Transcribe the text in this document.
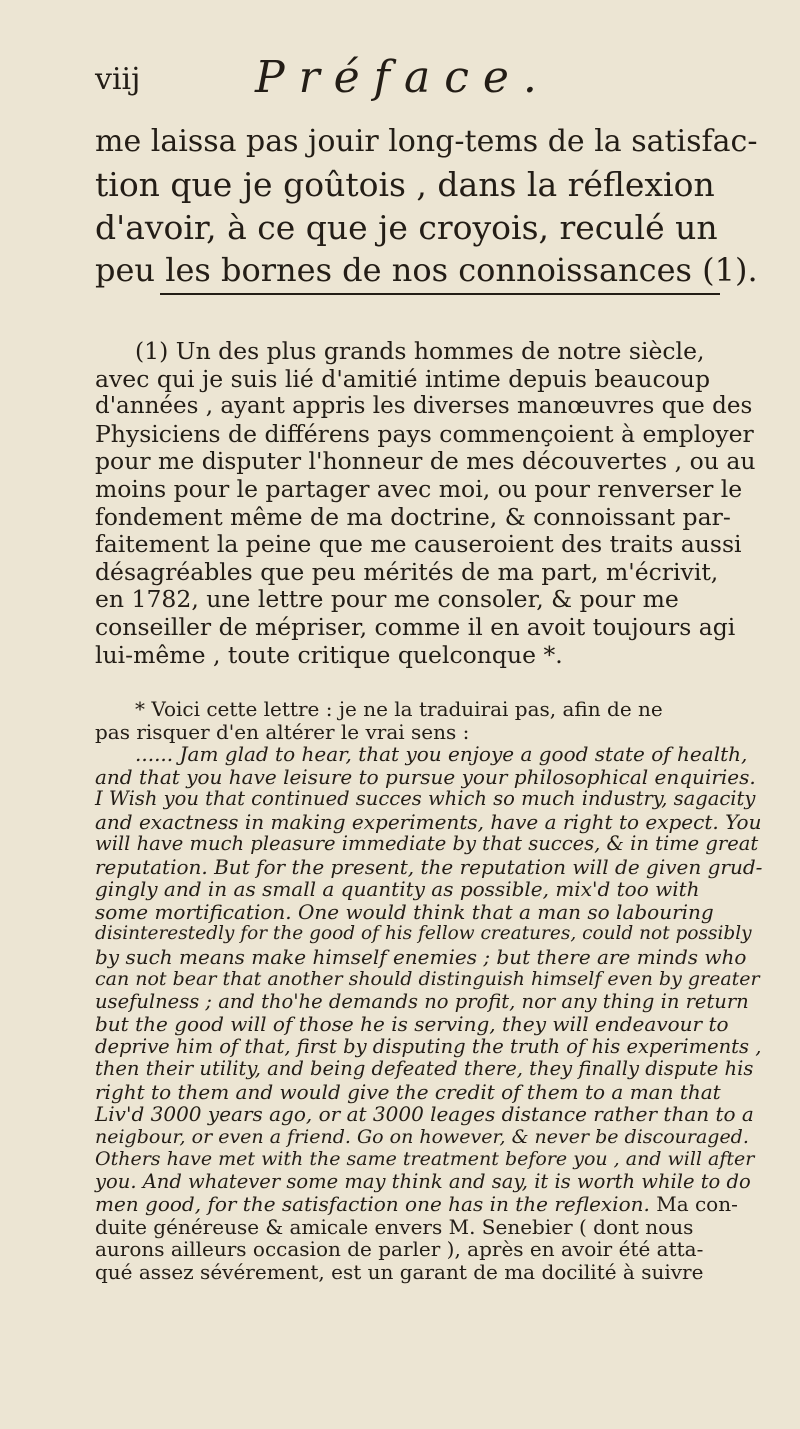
viij	Préface.
me laissa pas jouir long-tems de la satisfac-
tion que je goûtois , dans la réflexion
d'avoir, à ce que je croyois, reculé un
peu les bornes de nos connoissances (1).
(1) Un des plus grands hommes de notre siècle,
avec qui je suis lié d'amitié intime depuis beaucoup
d'années , ayant appris les diverses manœuvres que des
Physiciens de différens pays commençoient à employer
pour me disputer l'honneur de mes découvertes , ou au
moins pour le partager avec moi, ou pour renverser le
fondement même de ma doctrine, & connoissant par-
faitement la peine que me causeroient des traits aussi
désagréables que peu mérités de ma part, m'écrivit,
en 1782, une lettre pour me consoler, & pour me
conseiller de mépriser, comme il en avoit toujours agi
lui-même , toute critique quelconque *.
* Voici cette lettre : je ne la traduirai pas, afin de ne
pas risquer d'en altérer le vrai sens :
...... Jam glad to hear, that you enjoye a good state of health,
and that you have leisure to pursue your philosophical enquiries.
I Wish you that continued succes which so much industry, sagacity
and exactness in making experiments, have a right to expect. You
will have much pleasure immediate by that succes, & in time great
reputation. But for the present, the reputation will de given grud-
gingly and in as small a quantity as possible, mix'd too with
some mortification. One would think that a man so labouring
disinterestedly for the good of his fellow creatures, could not possibly
by such means make himself enemies ; but there are minds who
can not bear that another should distinguish himself even by greater
usefulness ; and tho'he demands no profit, nor any thing in return
but the good will of those he is serving, they will endeavour to
deprive him of that, first by disputing the truth of his experiments ,
then their utility, and being defeated there, they finally dispute his
right to them and would give the credit of them to a man that
Liv'd 3000 years ago, or at 3000 leages distance rather than to a
neigbour, or even a friend. Go on however, & never be discouraged.
Others have met with the same treatment before you , and will after
you. And whatever some may think and say, it is worth while to do
men good, for the satisfaction one has in the reflexion. Ma con-
duite généreuse & amicale envers M. Senebier ( dont nous
aurons ailleurs occasion de parler ), après en avoir été atta-
qué assez sévérement, est un garant de ma docilité à suivre
